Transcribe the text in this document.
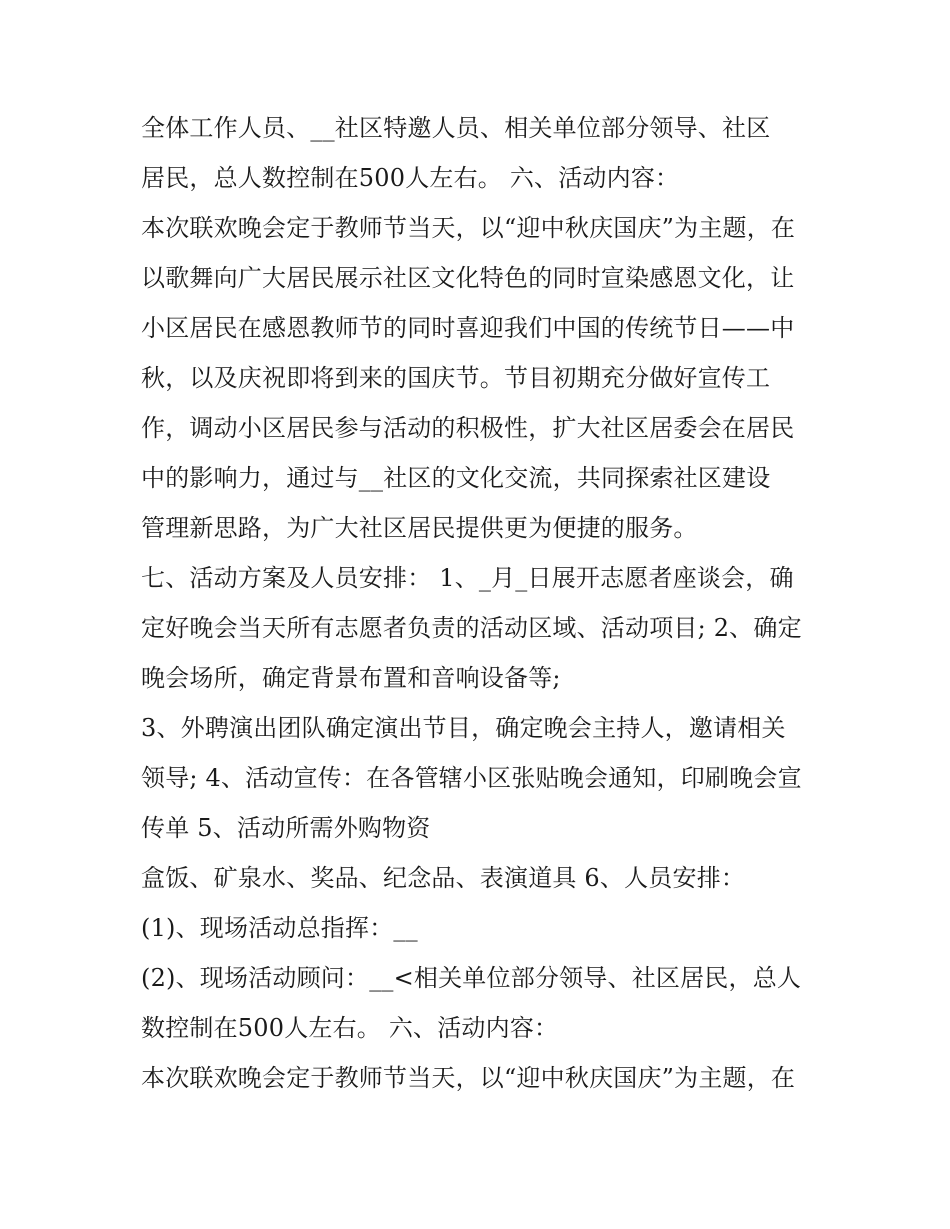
全体工作人员、__社区特邀人员、相关单位部分领导、社区
居民，总人数控制在500人左右。 六、活动内容：
本次联欢晚会定于教师节当天，以“迎中秋庆国庆”为主题，在
以歌舞向广大居民展示社区文化特色的同时宣染感恩文化，让
小区居民在感恩教师节的同时喜迎我们中国的传统节日——中
秋，以及庆祝即将到来的国庆节。节目初期充分做好宣传工
作，调动小区居民参与活动的积极性，扩大社区居委会在居民
中的影响力，通过与__社区的文化交流，共同探索社区建设
管理新思路，为广大社区居民提供更为便捷的服务。
七、活动方案及人员安排： 1、_月_日展开志愿者座谈会，确
定好晚会当天所有志愿者负责的活动区域、活动项目; 2、确定
晚会场所，确定背景布置和音响设备等;
3、外聘演出团队确定演出节目，确定晚会主持人，邀请相关
领导; 4、活动宣传：在各管辖小区张贴晚会通知，印刷晚会宣
传单 5、活动所需外购物资
盒饭、矿泉水、奖品、纪念品、表演道具 6、人员安排：
(1)、现场活动总指挥：__
(2)、现场活动顾问：__<相关单位部分领导、社区居民，总人
数控制在500人左右。 六、活动内容：
本次联欢晚会定于教师节当天，以“迎中秋庆国庆”为主题，在
